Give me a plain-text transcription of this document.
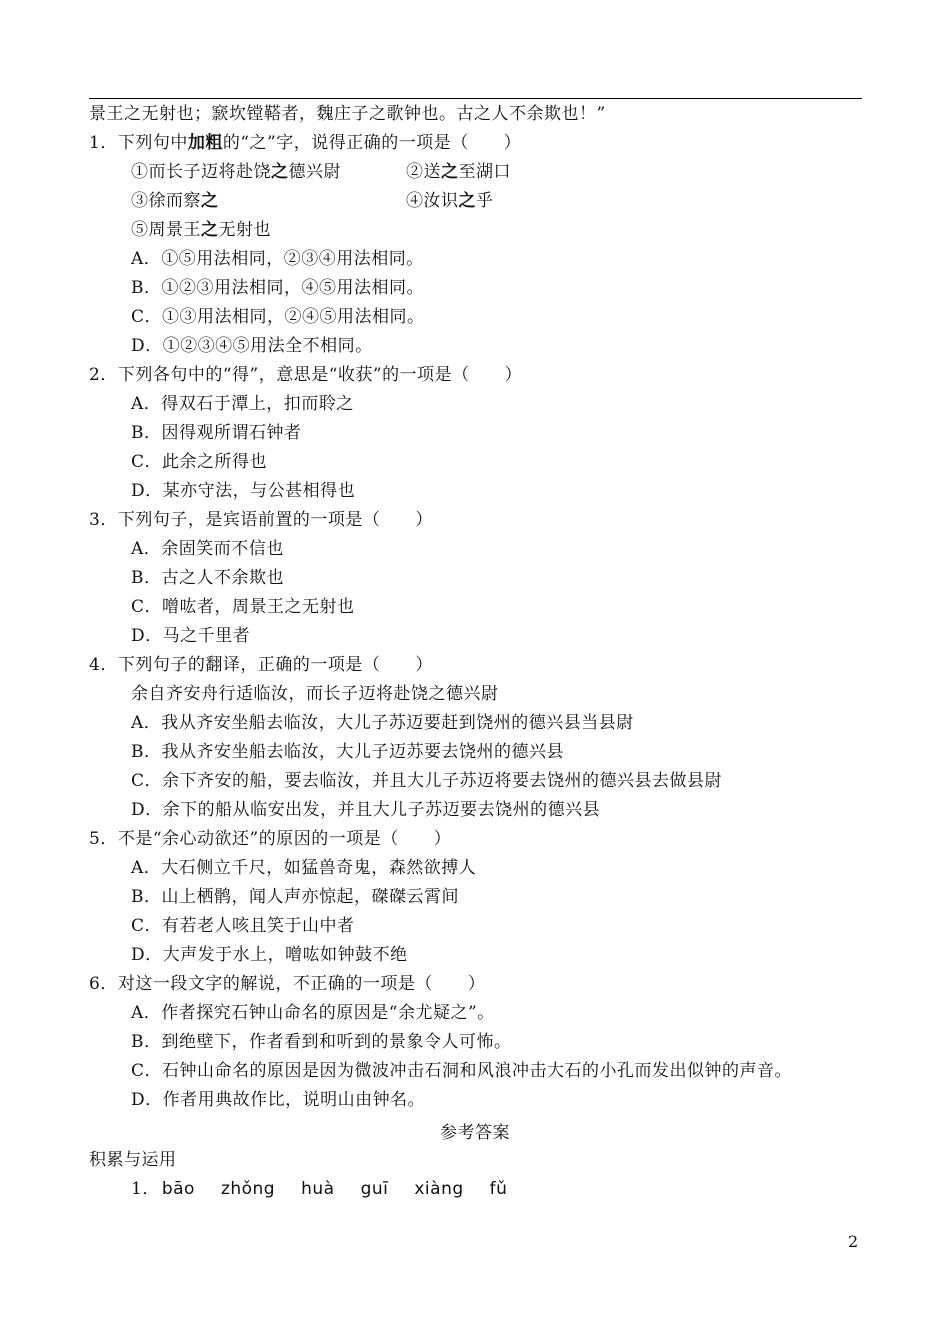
景王之无射也；窾坎镗鞳者，魏庄子之歌钟也。古之人不余欺也！”
1．下列句中加粗的“之”字，说得正确的一项是（　　）
①而长子迈将赴饶之德兴尉	②送之至湖口
③徐而察之	④汝识之乎
⑤周景王之无射也
A．①⑤用法相同，②③④用法相同。
B．①②③用法相同，④⑤用法相同。
C．①③用法相同，②④⑤用法相同。
D．①②③④⑤用法全不相同。
2．下列各句中的“得”，意思是“收获”的一项是（　　）
A．得双石于潭上，扣而聆之
B．因得观所谓石钟者
C．此余之所得也
D．某亦守法，与公甚相得也
3．下列句子，是宾语前置的一项是（　　）
A．余固笑而不信也
B．古之人不余欺也
C．噌吰者，周景王之无射也
D．马之千里者
4．下列句子的翻译，正确的一项是（　　）
余自齐安舟行适临汝，而长子迈将赴饶之德兴尉
A．我从齐安坐船去临汝，大儿子苏迈要赶到饶州的德兴县当县尉
B．我从齐安坐船去临汝，大儿子迈苏要去饶州的德兴县
C．余下齐安的船，要去临汝，并且大儿子苏迈将要去饶州的德兴县去做县尉
D．余下的船从临安出发，并且大儿子苏迈要去饶州的德兴县
5．不是“余心动欲还”的原因的一项是（　　）
A．大石侧立千尺，如猛兽奇鬼，森然欲搏人
B．山上栖鹘，闻人声亦惊起，磔磔云霄间
C．有若老人咳且笑于山中者
D．大声发于水上，噌吰如钟鼓不绝
6．对这一段文字的解说，不正确的一项是（　　）
A．作者探究石钟山命名的原因是“余尤疑之”。
B．到绝壁下，作者看到和听到的景象令人可怖。
C．石钟山命名的原因是因为微波冲击石洞和风浪冲击大石的小孔而发出似钟的声音。
D．作者用典故作比，说明山由钟名。
参考答案
积累与运用
1． bāo zhǒng huà guī xiàng fǔ
2
